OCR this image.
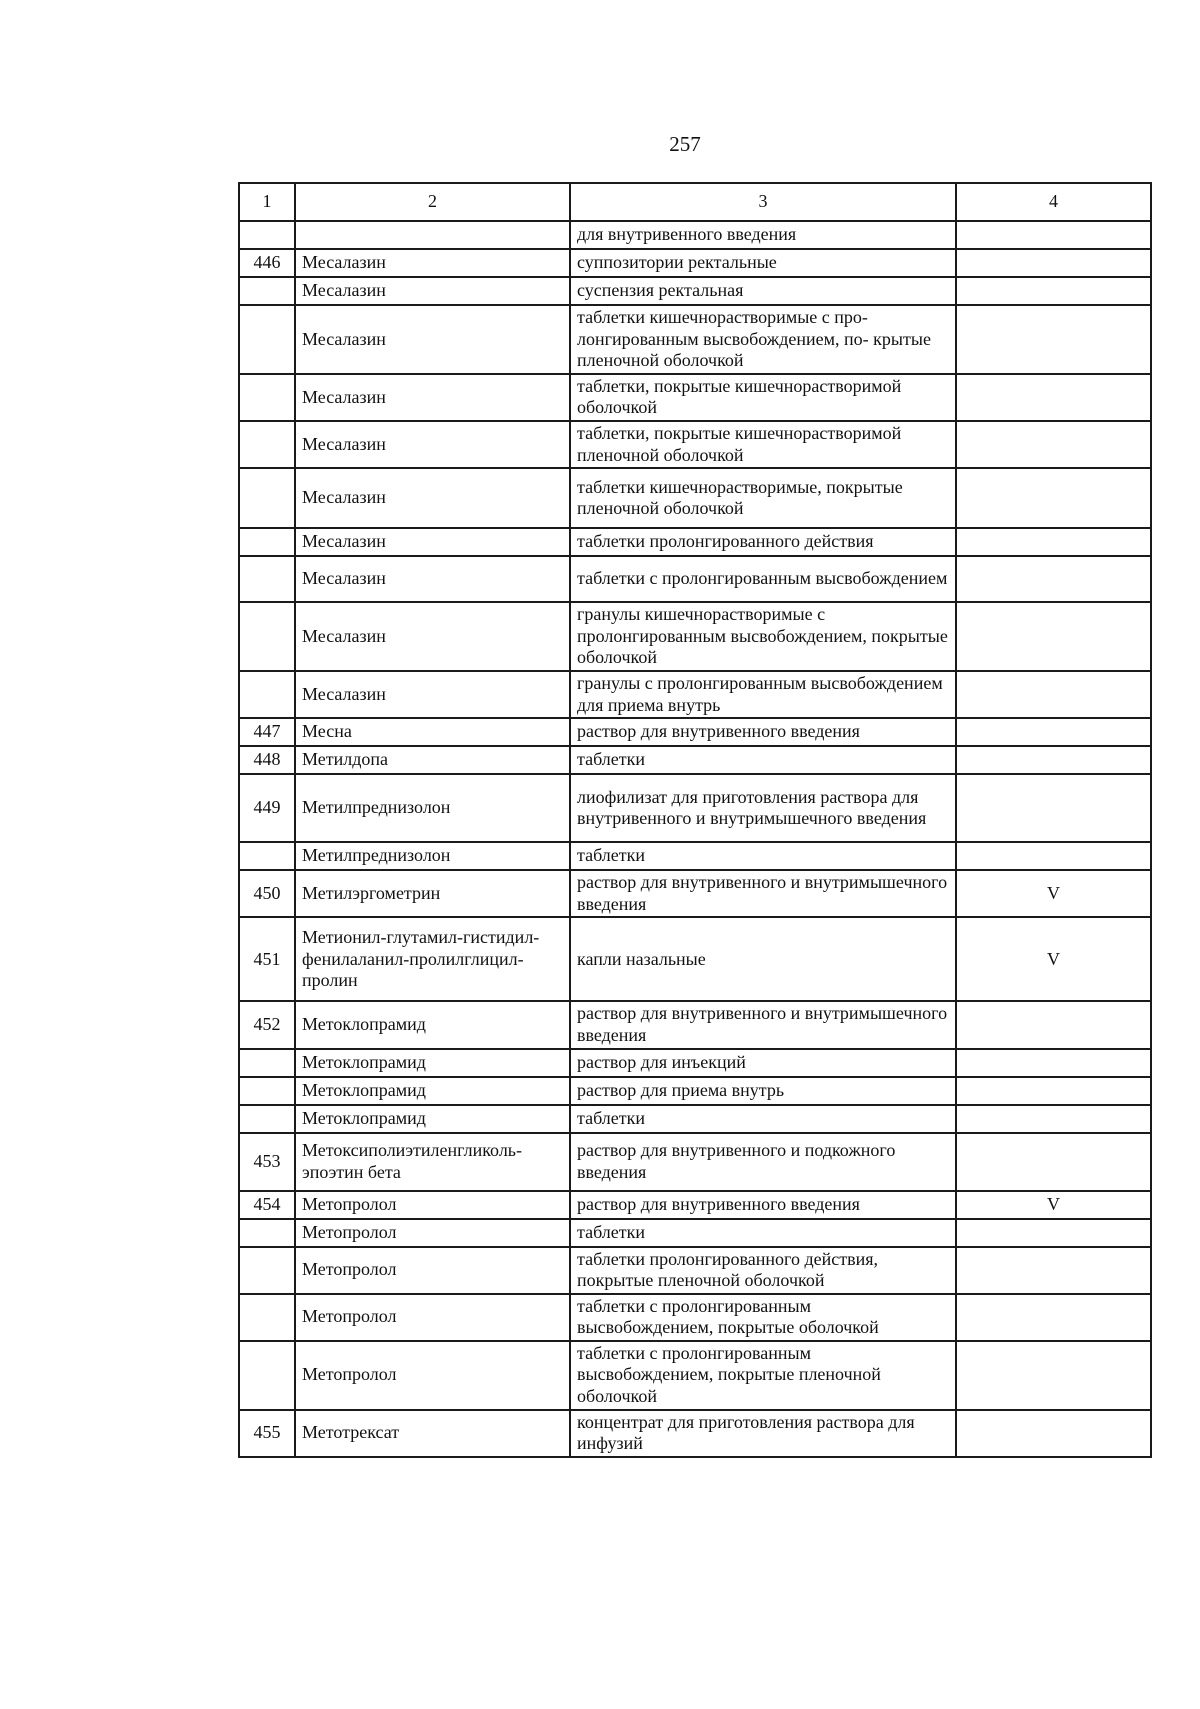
257
1	2	3	4
		для внутривенного введения	
446	Месалазин	суппозитории ректальные	
	Месалазин	суспензия ректальная	
	Месалазин	таблетки кишечнорастворимые с про- лонгированным высвобождением, по- крытые пленочной оболочкой	
	Месалазин	таблетки, покрытые кишечнорастворимой оболочкой	
	Месалазин	таблетки, покрытые кишечнорастворимой пленочной оболочкой	
	Месалазин	таблетки кишечнорастворимые, покрытые пленочной оболочкой	
	Месалазин	таблетки пролонгированного действия	
	Месалазин	таблетки с пролонгированным высвобождением	
	Месалазин	гранулы кишечнорастворимые с пролонгированным высвобождением, покрытые оболочкой	
	Месалазин	гранулы с пролонгированным высвобождением для приема внутрь	
447	Месна	раствор для внутривенного введения	
448	Метилдопа	таблетки	
449	Метилпреднизолон	лиофилизат для приготовления раствора для внутривенного и внутримышечного введения	
	Метилпреднизолон	таблетки	
450	Метилэргометрин	раствор для внутривенного и внутримышечного введения	V
451	Метионил-глутамил-гистидил-фенилаланил-пролилглицил-пролин	капли назальные	V
452	Метоклопрамид	раствор для внутривенного и внутримышечного введения	
	Метоклопрамид	раствор для инъекций	
	Метоклопрамид	раствор для приема внутрь	
	Метоклопрамид	таблетки	
453	Метоксиполиэтиленгликоль-эпоэтин бета	раствор для внутривенного и подкожного введения	
454	Метопролол	раствор для внутривенного введения	V
	Метопролол	таблетки	
	Метопролол	таблетки пролонгированного действия, покрытые пленочной оболочкой	
	Метопролол	таблетки с пролонгированным высвобождением, покрытые оболочкой	
	Метопролол	таблетки с пролонгированным высвобождением, покрытые пленочной оболочкой	
455	Метотрексат	концентрат для приготовления раствора для инфузий	
